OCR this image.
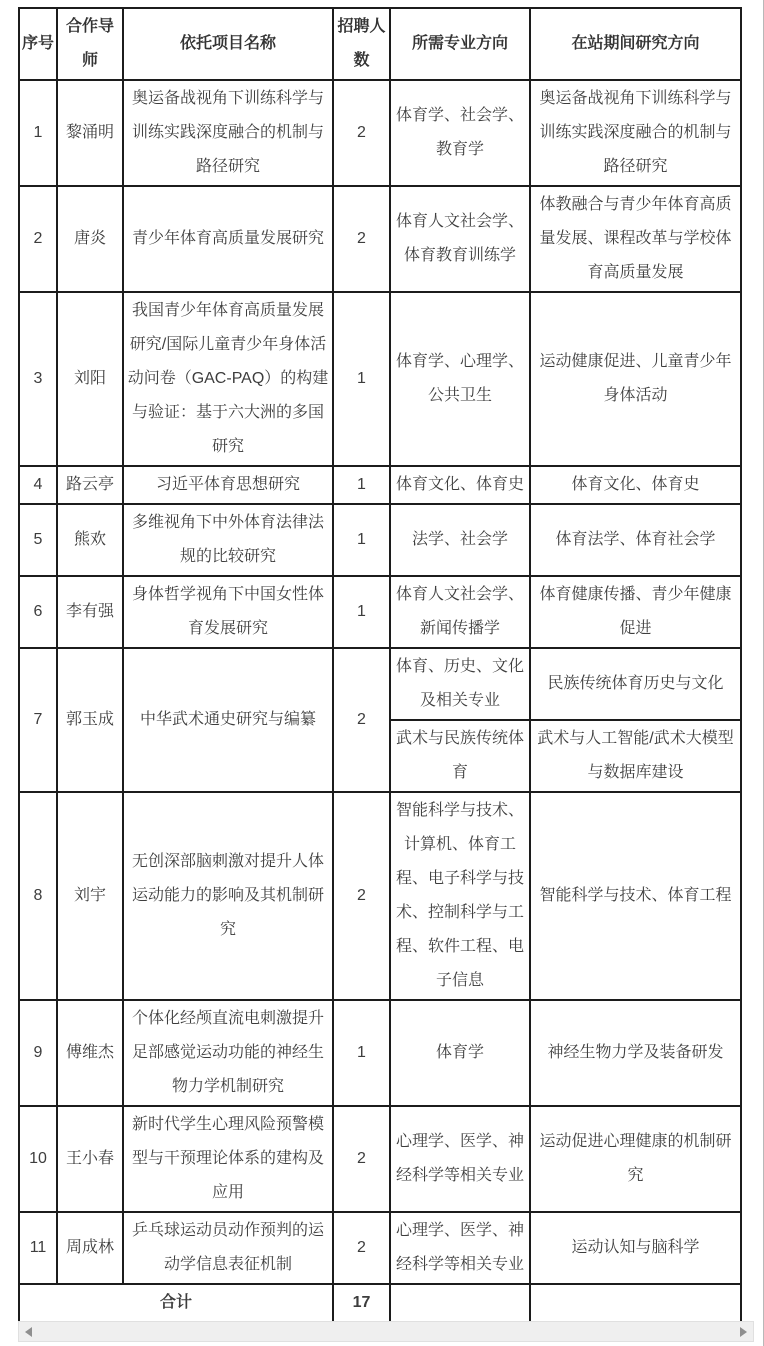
序号	合作导师	依托项目名称	招聘人数	所需专业方向	在站期间研究方向
1	黎涌明	奥运备战视角下训练科学与训练实践深度融合的机制与路径研究	2	体育学、社会学、教育学	奥运备战视角下训练科学与训练实践深度融合的机制与路径研究
2	唐炎	青少年体育高质量发展研究	2	体育人文社会学、体育教育训练学	体教融合与青少年体育高质量发展、课程改革与学校体育高质量发展
3	刘阳	我国青少年体育高质量发展研究/国际儿童青少年身体活动问卷（GAC-PAQ）的构建与验证：基于六大洲的多国研究	1	体育学、心理学、公共卫生	运动健康促进、儿童青少年身体活动
4	路云亭	习近平体育思想研究	1	体育文化、体育史	体育文化、体育史
5	熊欢	多维视角下中外体育法律法规的比较研究	1	法学、社会学	体育法学、体育社会学
6	李有强	身体哲学视角下中国女性体育发展研究	1	体育人文社会学、新闻传播学	体育健康传播、青少年健康促进
7	郭玉成	中华武术通史研究与编纂	2	体育、历史、文化及相关专业	民族传统体育历史与文化
				武术与民族传统体育	武术与人工智能/武术大模型与数据库建设
8	刘宇	无创深部脑刺激对提升人体运动能力的影响及其机制研究	2	智能科学与技术、计算机、体育工程、电子科学与技术、控制科学与工程、软件工程、电子信息	智能科学与技术、体育工程
9	傅维杰	个体化经颅直流电刺激提升足部感觉运动功能的神经生物力学机制研究	1	体育学	神经生物力学及装备研发
10	王小春	新时代学生心理风险预警模型与干预理论体系的建构及应用	2	心理学、医学、神经科学等相关专业	运动促进心理健康的机制研究
11	周成林	乒乓球运动员动作预判的运动学信息表征机制	2	心理学、医学、神经科学等相关专业	运动认知与脑科学
合计			17		
